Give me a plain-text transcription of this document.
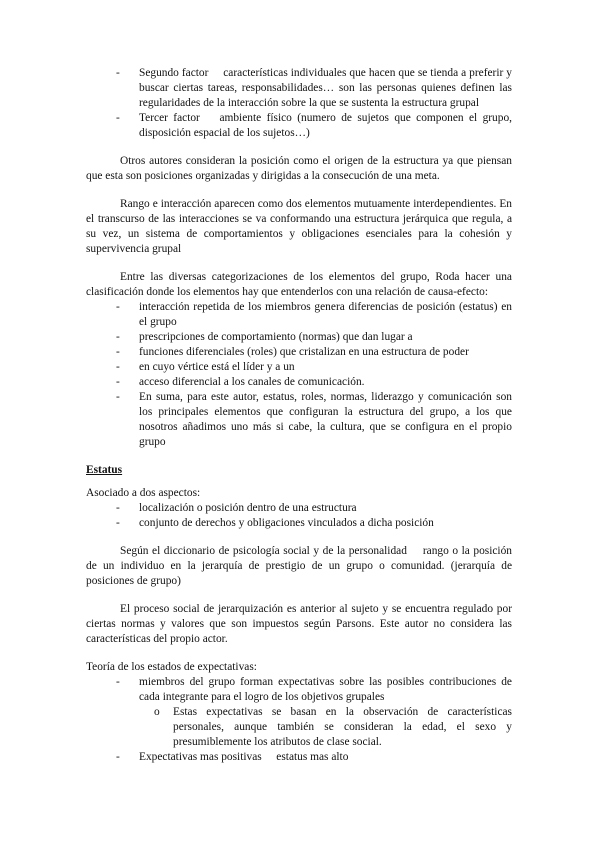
- Segundo factor características individuales que hacen que se tienda a preferir y buscar ciertas tareas, responsabilidades… son las personas quienes definen las regularidades de la interacción sobre la que se sustenta la estructura grupal
- Tercer factor ambiente físico (numero de sujetos que componen el grupo, disposición espacial de los sujetos…)

Otros autores consideran la posición como el origen de la estructura ya que piensan que esta son posiciones organizadas y dirigidas a la consecución de una meta.

Rango e interacción aparecen como dos elementos mutuamente interdependientes. En el transcurso de las interacciones se va conformando una estructura jerárquica que regula, a su vez, un sistema de comportamientos y obligaciones esenciales para la cohesión y supervivencia grupal

Entre las diversas categorizaciones de los elementos del grupo, Roda hacer una clasificación donde los elementos hay que entenderlos con una relación de causa-efecto:

- interacción repetida de los miembros genera diferencias de posición (estatus) en el grupo
- prescripciones de comportamiento (normas) que dan lugar a
- funciones diferenciales (roles) que cristalizan en una estructura de poder
- en cuyo vértice está el líder y a un
- acceso diferencial a los canales de comunicación.
- En suma, para este autor, estatus, roles, normas, liderazgo y comunicación son los principales elementos que configuran la estructura del grupo, a los que nosotros añadimos uno más si cabe, la cultura, que se configura en el propio grupo
Estatus

Asociado a dos aspectos:

- localización o posición dentro de una estructura
- conjunto de derechos y obligaciones vinculados a dicha posición

Según el diccionario de psicología social y de la personalidad rango o la posición de un individuo en la jerarquía de prestigio de un grupo o comunidad. (jerarquía de posiciones de grupo)

El proceso social de jerarquización es anterior al sujeto y se encuentra regulado por ciertas normas y valores que son impuestos según Parsons. Este autor no considera las características del propio actor.

Teoría de los estados de expectativas:

- miembros del grupo forman expectativas sobre las posibles contribuciones de cada integrante para el logro de los objetivos grupales
o Estas expectativas se basan en la observación de características personales, aunque también se consideran la edad, el sexo y presumiblemente los atributos de clase social.
- Expectativas mas positivas estatus mas alto
